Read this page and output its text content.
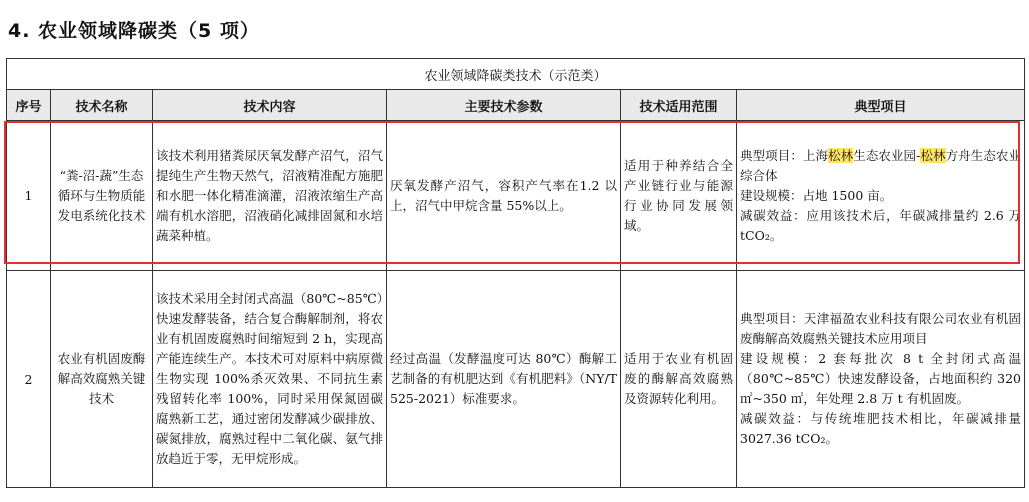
4. 农业领域降碳类（5 项）
农业领域降碳类技术（示范类）					
序号	技术名称	技术内容	主要技术参数	技术适用范围	典型项目
1	“粪-沼-蔬”生态循环与生物质能发电系统化技术	该技术利用猪粪尿厌氧发酵产沼气，沼气提纯生产生物天然气，沼液精准配方施肥和水肥一体化精准滴灌，沼液浓缩生产高端有机水溶肥，沼液硝化减排固氮和水培蔬菜种植。	厌氧发酵产沼气，容积产气率在1.2 以上，沼气中甲烷含量 55%以上。	适用于种养结合全产业链行业与能源行业协同发展领域。	典型项目：上海松林生态农业园-松林方舟生态农业综合体
建设规模：占地 1500 亩。
减碳效益：应用该技术后，年碳减排量约 2.6 万 tCO₂。

2	农业有机固废酶解高效腐熟关键技术	该技术采用全封闭式高温（80℃~85℃）快速发酵装备，结合复合酶解制剂，将农业有机固废腐熟时间缩短到 2 h，实现高产能连续生产。本技术可对原料中病原微生物实现 100%杀灭效果、不同抗生素残留转化率 100%，同时采用保氮固碳腐熟新工艺，通过密闭发酵减少碳排放、碳氮排放，腐熟过程中二氧化碳、氨气排放趋近于零，无甲烷形成。	经过高温（发酵温度可达 80℃）酶解工艺制备的有机肥达到《有机肥料》（NY/T 525-2021）标准要求。	适用于农业有机固废的酶解高效腐熟及资源转化利用。	典型项目：天津福盈农业科技有限公司农业有机固废酶解高效腐熟关键技术应用项目
建设规模：2 套每批次 8 t 全封闭式高温（80℃~85℃）快速发酵设备，占地面积约 320 ㎡~350 ㎡，年处理 2.8 万 t 有机固废。
减碳效益：与传统堆肥技术相比，年碳减排量 3027.36 tCO₂。
